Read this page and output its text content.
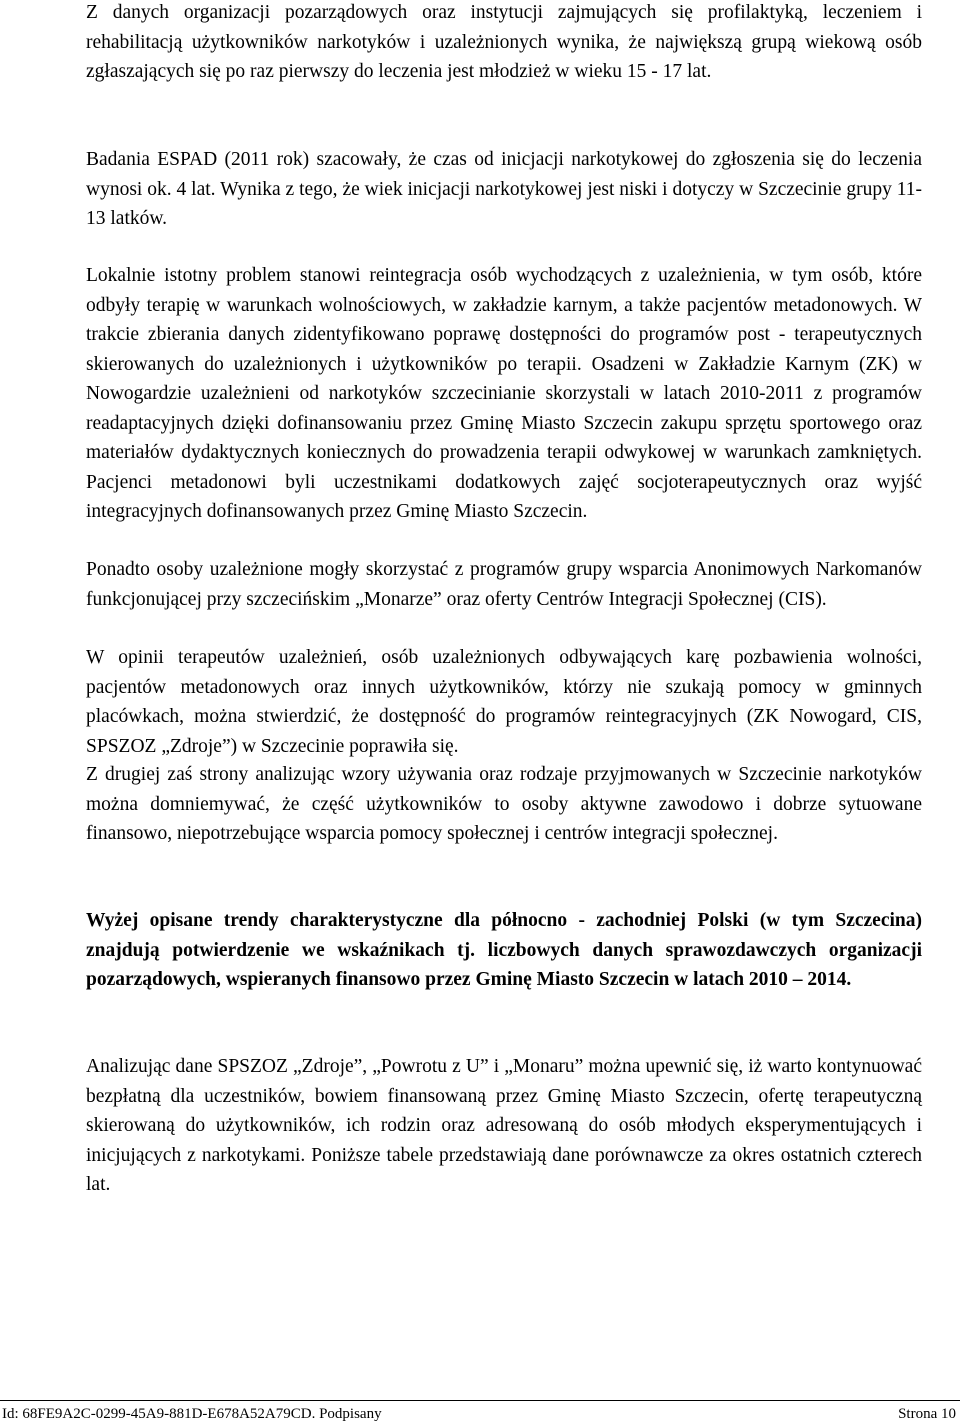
Z danych organizacji pozarządowych oraz instytucji zajmujących się profilaktyką, leczeniem i rehabilitacją użytkowników narkotyków i uzależnionych wynika, że największą grupą wiekową osób zgłaszających się po raz pierwszy do leczenia jest młodzież w wieku 15 - 17 lat.

Badania ESPAD (2011 rok) szacowały, że czas od inicjacji narkotykowej do zgłoszenia się do leczenia wynosi ok. 4 lat. Wynika z tego, że wiek inicjacji narkotykowej jest niski i dotyczy w Szczecinie grupy 11-13 latków.

Lokalnie istotny problem stanowi reintegracja osób wychodzących z uzależnienia, w tym osób, które odbyły terapię w warunkach wolnościowych, w zakładzie karnym, a także pacjentów metadonowych. W trakcie zbierania danych zidentyfikowano poprawę dostępności do programów post - terapeutycznych skierowanych do uzależnionych i użytkowników po terapii. Osadzeni w Zakładzie Karnym (ZK) w Nowogardzie uzależnieni od narkotyków szczecinianie skorzystali w latach 2010-2011 z programów readaptacyjnych dzięki dofinansowaniu przez Gminę Miasto Szczecin zakupu sprzętu sportowego oraz materiałów dydaktycznych koniecznych do prowadzenia terapii odwykowej w warunkach zamkniętych. Pacjenci metadonowi byli uczestnikami dodatkowych zajęć socjoterapeutycznych oraz wyjść integracyjnych dofinansowanych przez Gminę Miasto Szczecin.

Ponadto osoby uzależnione mogły skorzystać z programów grupy wsparcia Anonimowych Narkomanów funkcjonującej przy szczecińskim „Monarze” oraz oferty Centrów Integracji Społecznej (CIS).

W opinii terapeutów uzależnień, osób uzależnionych odbywających karę pozbawienia wolności, pacjentów metadonowych oraz innych użytkowników, którzy nie szukają pomocy w gminnych placówkach, można stwierdzić, że dostępność do programów reintegracyjnych (ZK Nowogard, CIS, SPSZOZ „Zdroje”) w Szczecinie poprawiła się.

Z drugiej zaś strony analizując wzory używania oraz rodzaje przyjmowanych w Szczecinie narkotyków można domniemywać, że część użytkowników to osoby aktywne zawodowo i dobrze sytuowane finansowo, niepotrzebujące wsparcia pomocy społecznej i centrów integracji społecznej.

Wyżej opisane trendy charakterystyczne dla północno - zachodniej Polski (w tym Szczecina) znajdują potwierdzenie we wskaźnikach tj. liczbowych danych sprawozdawczych organizacji pozarządowych, wspieranych finansowo przez Gminę Miasto Szczecin w latach 2010 – 2014.

Analizując dane SPSZOZ „Zdroje”, „Powrotu z U” i „Monaru” można upewnić się, iż warto kontynuować bezpłatną dla uczestników, bowiem finansowaną przez Gminę Miasto Szczecin, ofertę terapeutyczną skierowaną do użytkowników, ich rodzin oraz adresowaną do osób młodych eksperymentujących i inicjujących z narkotykami. Poniższe tabele przedstawiają dane porównawcze za okres ostatnich czterech lat.

Id: 68FE9A2C-0299-45A9-881D-E678A52A79CD. Podpisany	Strona 10
